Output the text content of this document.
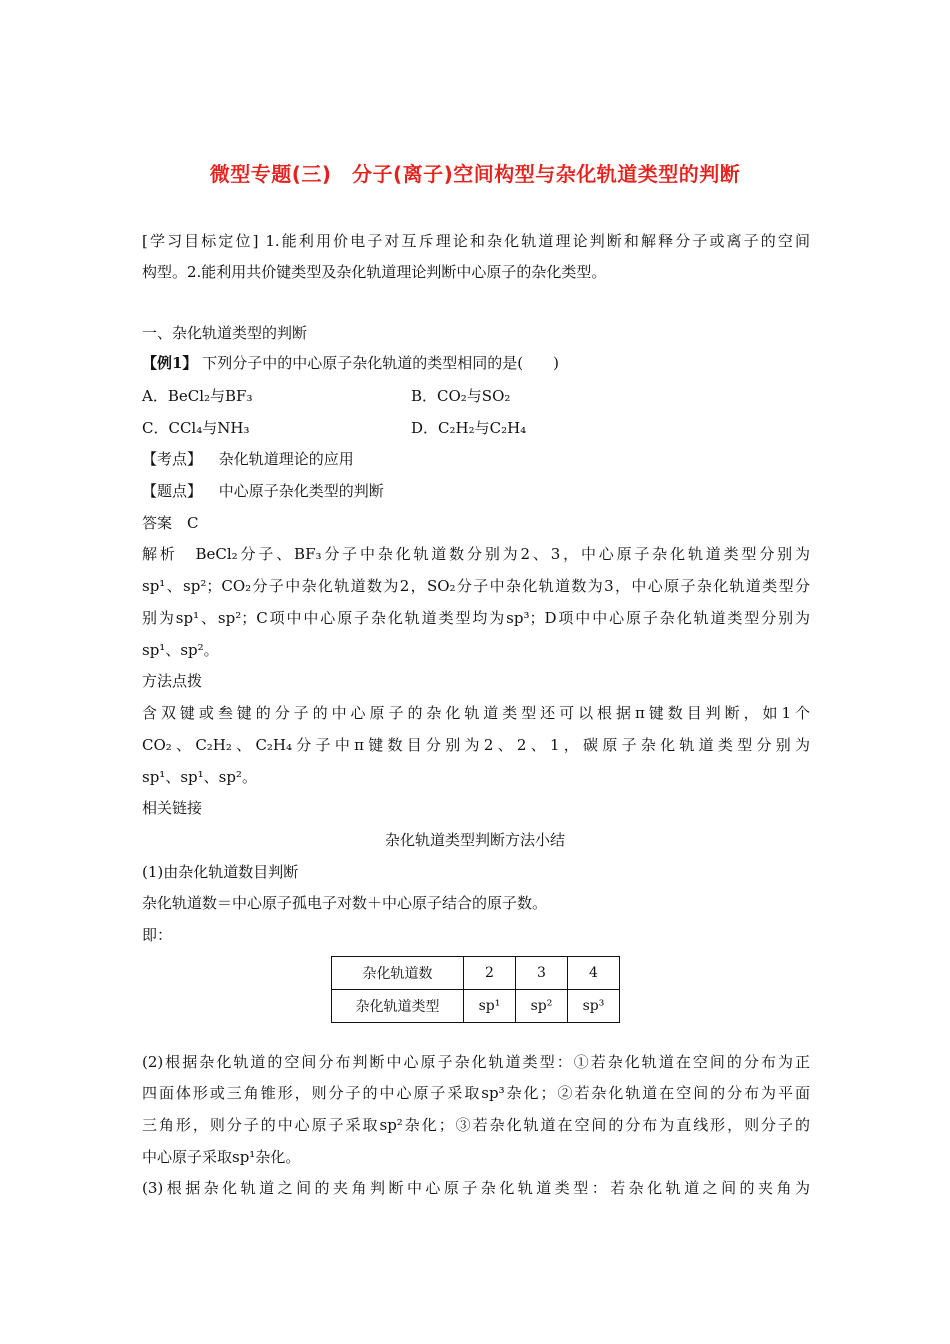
微型专题(三)　分子(离子)空间构型与杂化轨道类型的判断
[学习目标定位] 1.能利用价电子对互斥理论和杂化轨道理论判断和解释分子或离子的空间
构型。2.能利用共价键类型及杂化轨道理论判断中心原子的杂化类型。
一、杂化轨道类型的判断
【例1】 下列分子中的中心原子杂化轨道的类型相同的是(　　)
A．BeCl₂与BF₃	B．CO₂与SO₂
C．CCl₄与NH₃	D．C₂H₂与C₂H₄
【考点】 杂化轨道理论的应用
【题点】 中心原子杂化类型的判断
答案　C
解析　BeCl₂分子、BF₃分子中杂化轨道数分别为2、3，中心原子杂化轨道类型分别为
sp¹、sp²；CO₂分子中杂化轨道数为2，SO₂分子中杂化轨道数为3，中心原子杂化轨道类型分
别为sp¹、sp²；C项中中心原子杂化轨道类型均为sp³；D项中中心原子杂化轨道类型分别为
sp¹、sp²。
方法点拨
含双键或叁键的分子的中心原子的杂化轨道类型还可以根据π键数目判断，如1个
CO₂、C₂H₂、C₂H₄分子中π键数目分别为2、2、1，碳原子杂化轨道类型分别为
sp¹、sp¹、sp²。
相关链接
杂化轨道类型判断方法小结
(1)由杂化轨道数目判断
杂化轨道数＝中心原子孤电子对数＋中心原子结合的原子数。
即：
杂化轨道数	2	3	4
杂化轨道类型	sp¹	sp²	sp³
(2)根据杂化轨道的空间分布判断中心原子杂化轨道类型：①若杂化轨道在空间的分布为正
四面体形或三角锥形，则分子的中心原子采取sp³杂化；②若杂化轨道在空间的分布为平面
三角形，则分子的中心原子采取sp²杂化；③若杂化轨道在空间的分布为直线形，则分子的
中心原子采取sp¹杂化。
(3)根据杂化轨道之间的夹角判断中心原子杂化轨道类型：若杂化轨道之间的夹角为
